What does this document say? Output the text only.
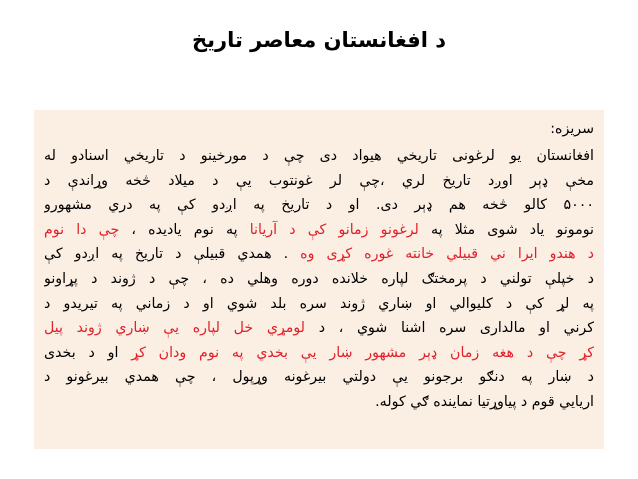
د افغانستان معاصر تاریخ
سریزه:
افغانستان یو لرغونی تاریخي هیواد دی چې د مورخینو د تاریخي اسنادو له
مخې ډېر اوږد تاریخ لري ،چې لر غونتوب یې د میلاد څخه وړاندې د
۵۰۰۰ کالو څخه هم ډېر دی. او د تاریخ په اږدو کې په دري مشهورو
نومونو یاد شوی مثلا په لرغونو زمانو کې د آریانا په نوم یادیده ، چې دا نوم
د هندو ایرا ني قبیلي خانته غوره کړی وه . همدي قبیلې د تاریخ په اږدو کې
د خپلې تولني د پرمختګ لپاره خلانده دوره وهلي ده ، چې د ژوند د پړاونو
په لړ کې د کلیوالي او ښاري ژوند سره بلد شوي او د زماني په تیریدو د
کرني او مالداری سره اشنا شوي ، د لومړي خل لپاره یې ښاري ژوند پیل
کړ چې د هغه زمان ډېر مشهور ښار یې بخدي په نوم ودان کړ او د بخدی
د ښار په دنګو برجونو یې دولتي بیرغونه وړپول ، چې همدي بیرغونو د
اریایي قوم د پیاوړتیا نماینده ګي کوله.
